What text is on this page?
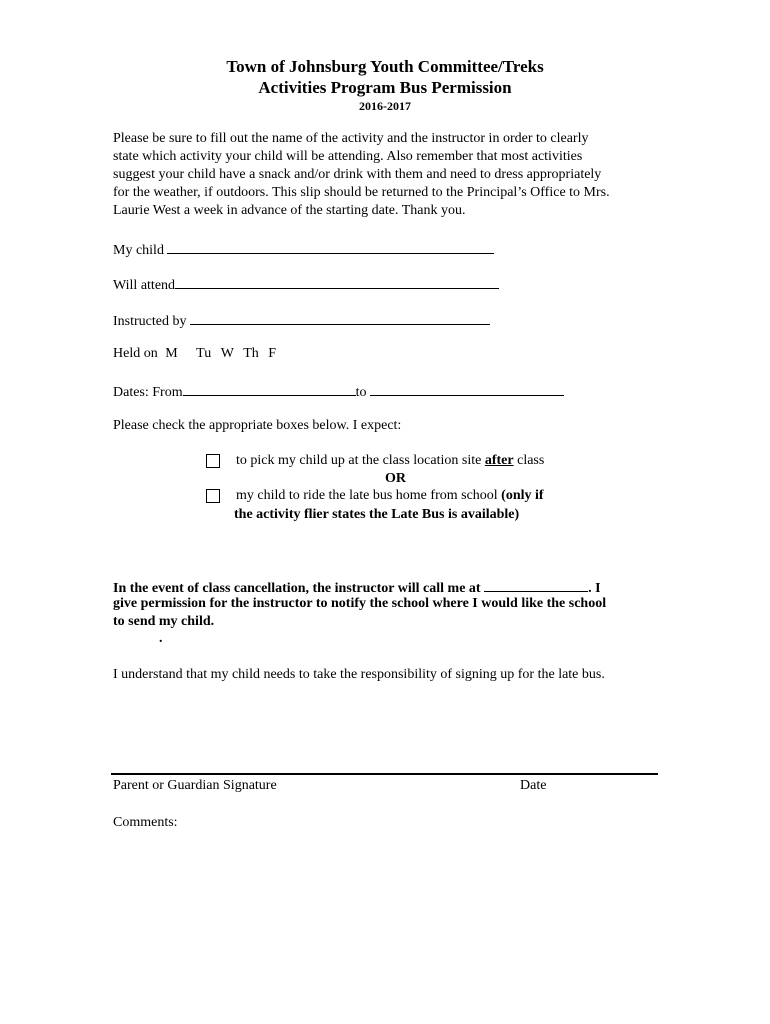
Town of Johnsburg Youth Committee/Treks
Activities Program Bus Permission
2016-2017
Please be sure to fill out the name of the activity and the instructor in order to clearly
state which activity your child will be attending. Also remember that most activities
suggest your child have a snack and/or drink with them and need to dress appropriately
for the weather, if outdoors. This slip should be returned to the Principal’s Office to Mrs.
Laurie West a week in advance of the starting date. Thank you.
My child
Will attend
Instructed by
Held on M Tu W Th F
Dates: From	to
Please check the appropriate boxes below. I expect:
to pick my child up at the class location site after class
OR
my child to ride the late bus home from school (only if
the activity flier states the Late Bus is available)
In the event of class cancellation, the instructor will call me at	. I
give permission for the instructor to notify the school where I would like the school
to send my child.
.
I understand that my child needs to take the responsibility of signing up for the late bus.
Parent or Guardian Signature	Date
Comments:
